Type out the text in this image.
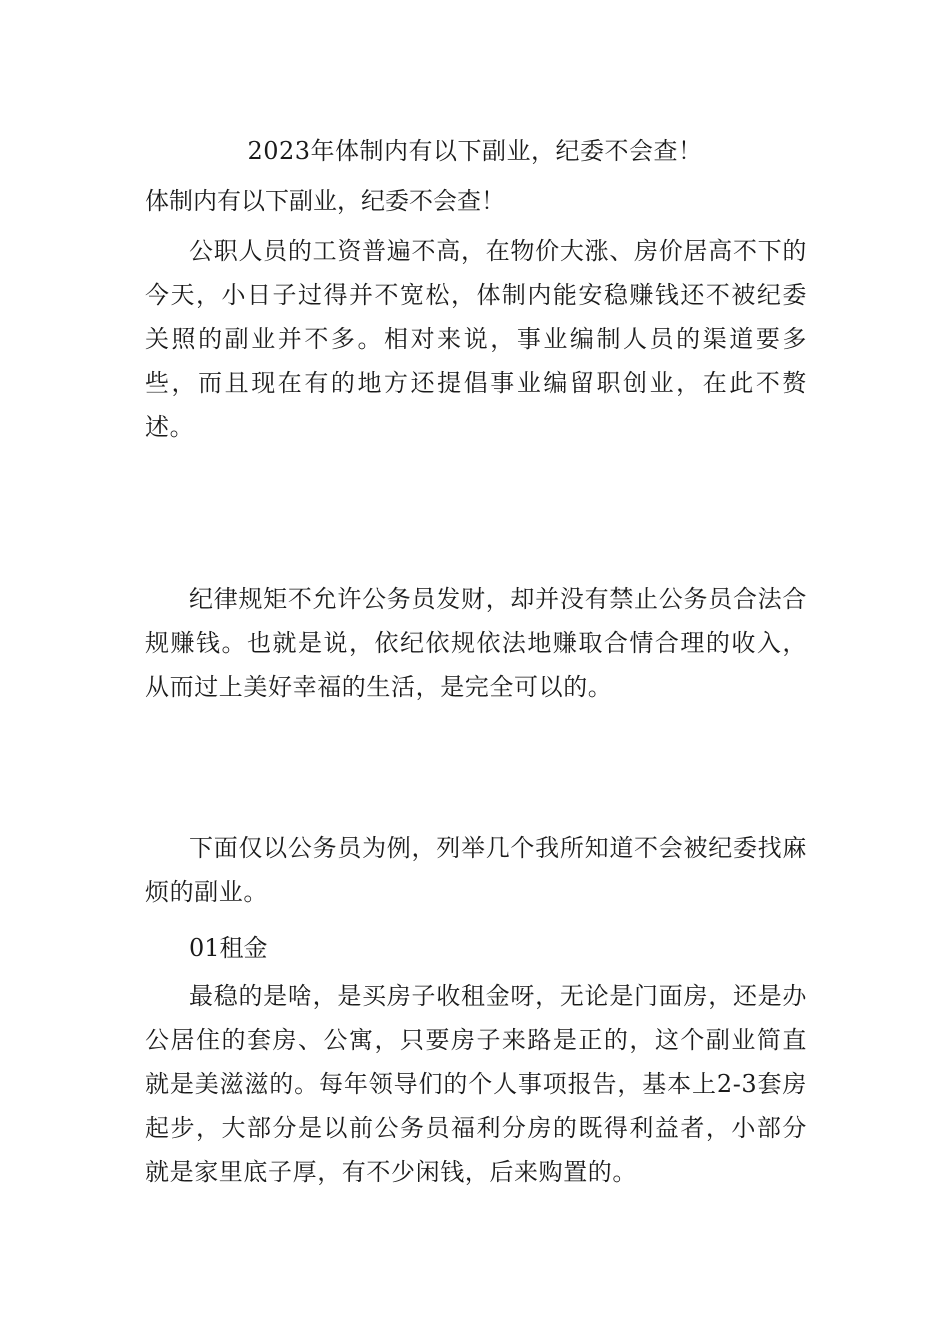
2023年体制内有以下副业，纪委不会查！
体制内有以下副业，纪委不会查！

公职人员的工资普遍不高，在物价大涨、房价居高不下的今天，小日子过得并不宽松，体制内能安稳赚钱还不被纪委关照的副业并不多。相对来说，事业编制人员的渠道要多些，而且现在有的地方还提倡事业编留职创业，在此不赘述。

纪律规矩不允许公务员发财，却并没有禁止公务员合法合规赚钱。也就是说，依纪依规依法地赚取合情合理的收入，从而过上美好幸福的生活，是完全可以的。

下面仅以公务员为例，列举几个我所知道不会被纪委找麻烦的副业。

01租金

最稳的是啥，是买房子收租金呀，无论是门面房，还是办公居住的套房、公寓，只要房子来路是正的，这个副业简直就是美滋滋的。每年领导们的个人事项报告，基本上2-3套房起步，大部分是以前公务员福利分房的既得利益者，小部分就是家里底子厚，有不少闲钱，后来购置的。
